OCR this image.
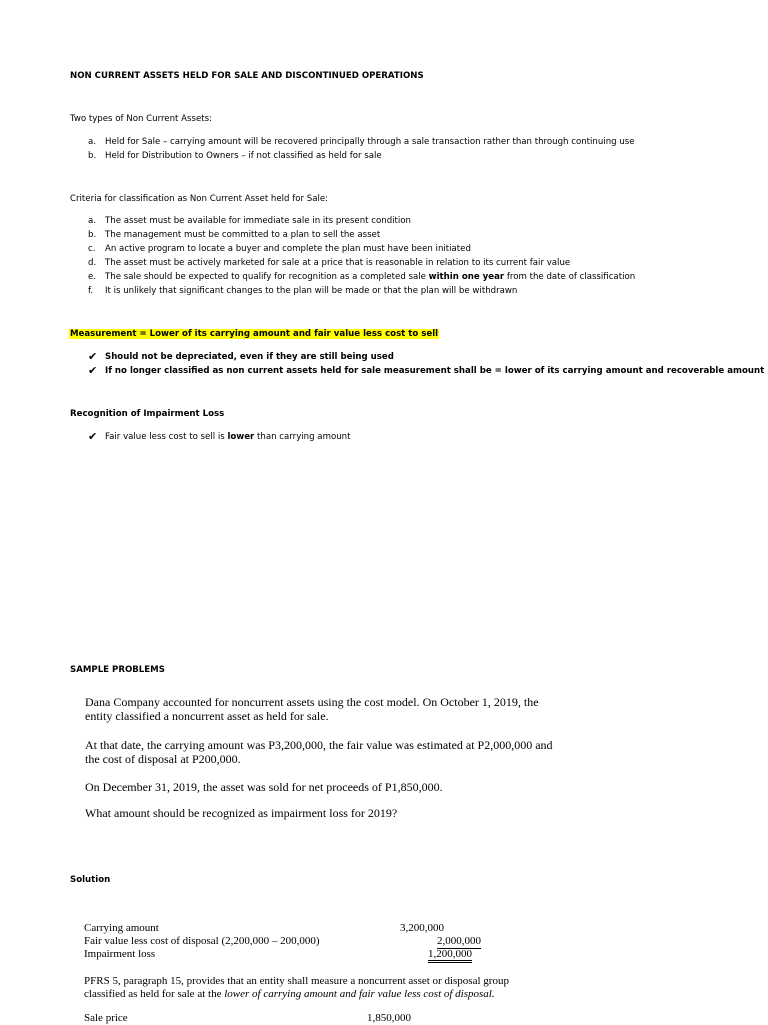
NON CURRENT ASSETS HELD FOR SALE AND DISCONTINUED OPERATIONS
Two types of Non Current Assets:
a. Held for Sale – carrying amount will be recovered principally through a sale transaction rather than through continuing use
b. Held for Distribution to Owners – if not classified as held for sale
Criteria for classification as Non Current Asset held for Sale:
a. The asset must be available for immediate sale in its present condition
b. The management must be committed to a plan to sell the asset
c. An active program to locate a buyer and complete the plan must have been initiated
d. The asset must be actively marketed for sale at a price that is reasonable in relation to its current fair value
e. The sale should be expected to qualify for recognition as a completed sale within one year from the date of classification
f. It is unlikely that significant changes to the plan will be made or that the plan will be withdrawn
Measurement = Lower of its carrying amount and fair value less cost to sell
✔ Should not be depreciated, even if they are still being used
✔ If no longer classified as non current assets held for sale measurement shall be = lower of its carrying amount and recoverable amount
Recognition of Impairment Loss
✔ Fair value less cost to sell is lower than carrying amount
SAMPLE PROBLEMS
Dana Company accounted for noncurrent assets using the cost model. On October 1, 2019, the
entity classified a noncurrent asset as held for sale.
At that date, the carrying amount was P3,200,000, the fair value was estimated at P2,000,000 and
the cost of disposal at P200,000.
On December 31, 2019, the asset was sold for net proceeds of P1,850,000.
What amount should be recognized as impairment loss for 2019?
Solution
Carrying amount	3,200,000
Fair value less cost of disposal (2,200,000 – 200,000)	2,000,000
Impairment loss	1,200,000
PFRS 5, paragraph 15, provides that an entity shall measure a noncurrent asset or disposal group
classified as held for sale at the lower of carrying amount and fair value less cost of disposal.
Sale price	1,850,000
